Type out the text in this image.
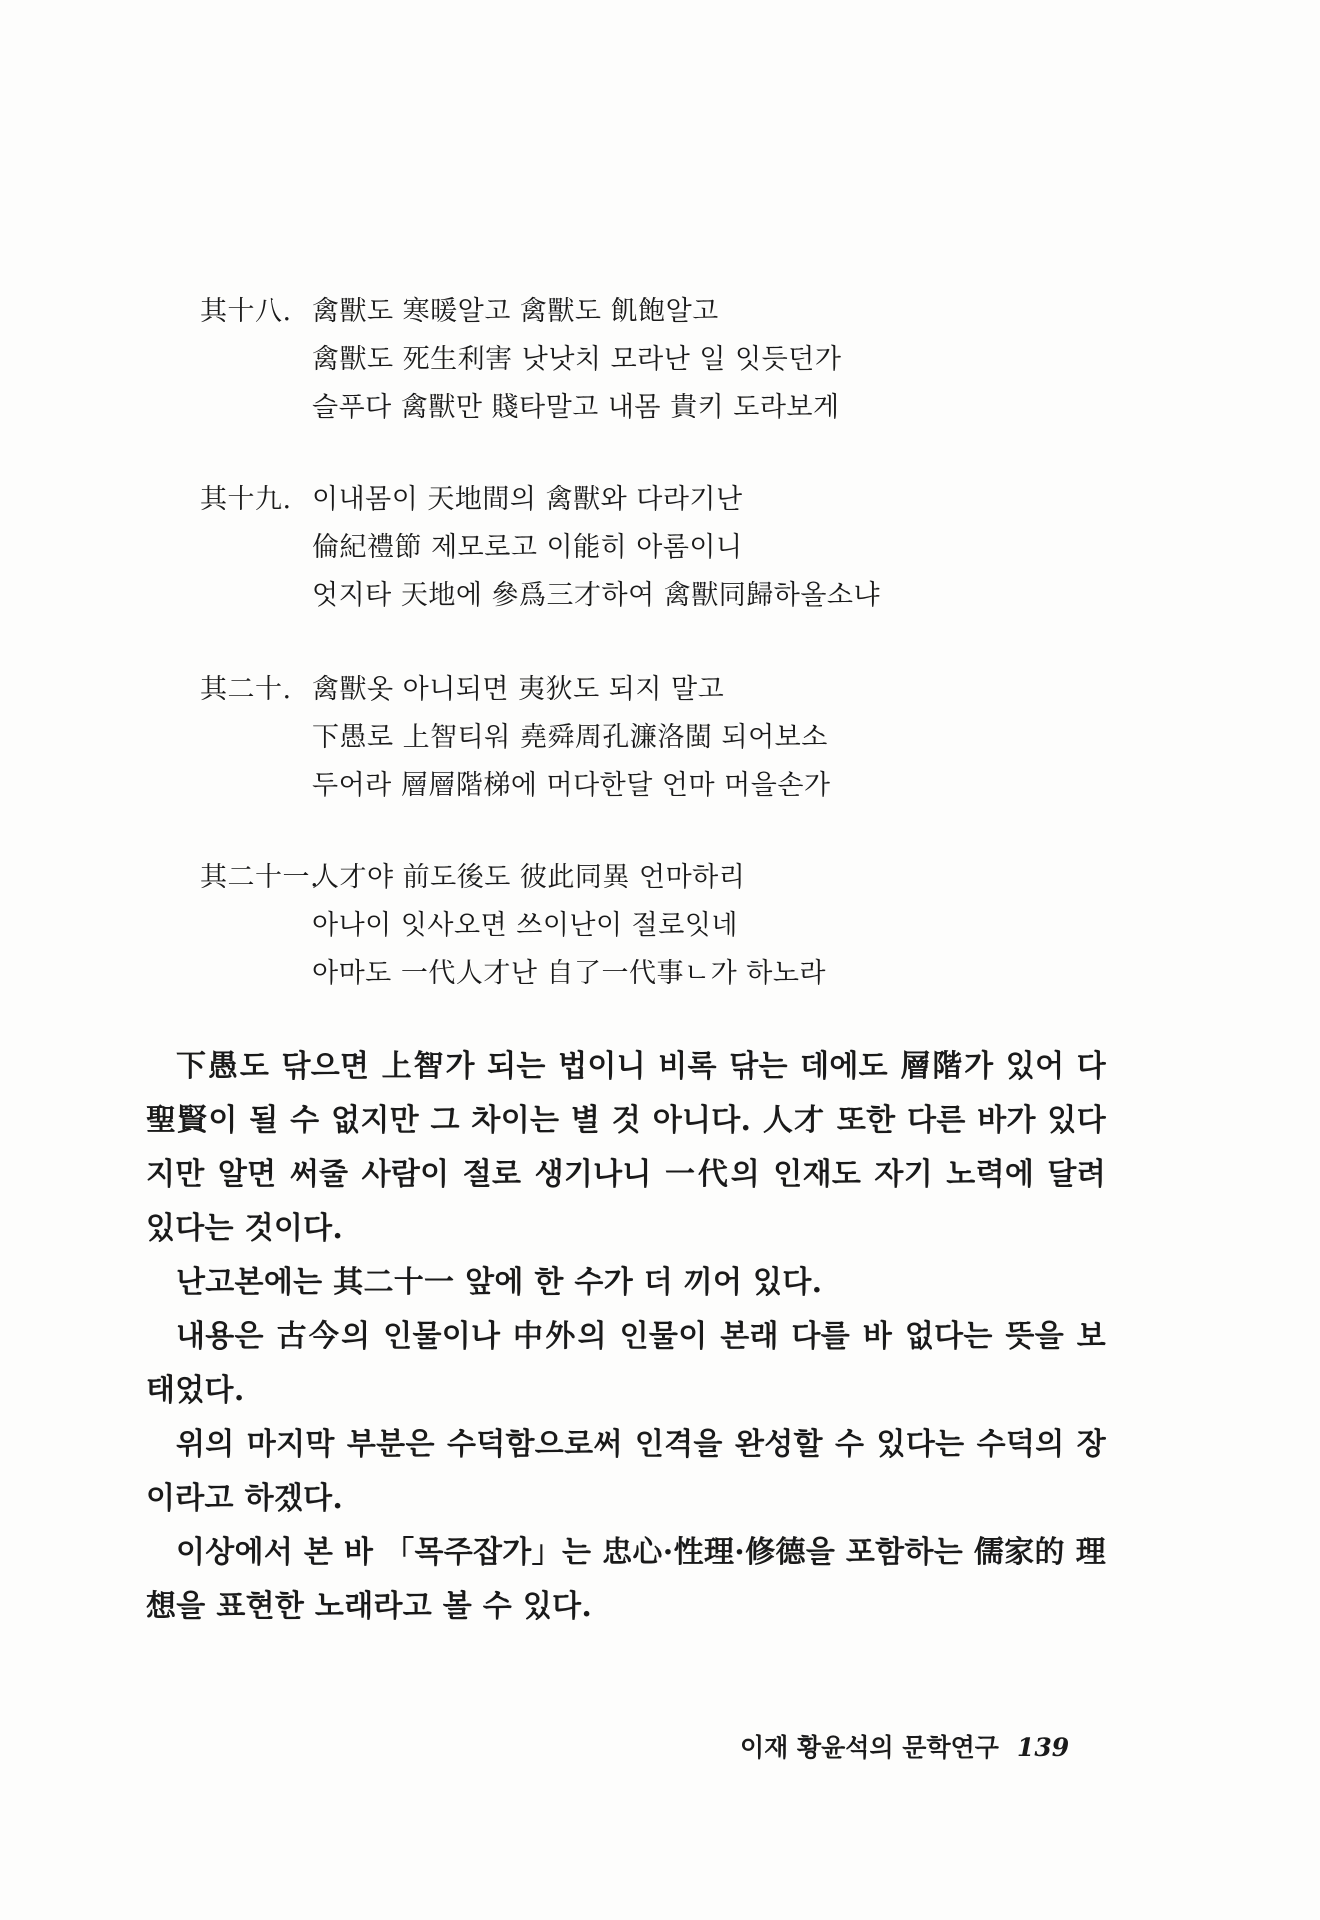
其十八. 禽獸도 寒暖알고 禽獸도 飢飽알고
禽獸도 死生利害 낫낫치 모라난 일 잇듯던가
슬푸다 禽獸만 賤타말고 내몸 貴키 도라보게
其十九. 이내몸이 天地間의 禽獸와 다라기난
倫紀禮節 제모로고 이能히 아롬이니
엇지타 天地에 參爲三才하여 禽獸同歸하올소냐
其二十. 禽獸옷 아니되면 夷狄도 되지 말고
下愚로 上智티워 堯舜周孔濂洛閩 되어보소
두어라 層層階梯에 머다한달 언마 머을손가
其二十一.人才야 前도後도 彼此同異 언마하리
아나이 잇사오면 쓰이난이 절로잇네
아마도 一代人才난 自了一代事ㄴ가 하노라

下愚도 닦으면 上智가 되는 법이니 비록 닦는 데에도 層階가 있어 다 聖賢이 될 수 없지만 그 차이는 별 것 아니다. 人才 또한 다른 바가 있다지만 알면 써줄 사람이 절로 생기나니 一代의 인재도 자기 노력에 달려 있다는 것이다.

난고본에는 其二十一 앞에 한 수가 더 끼어 있다.

내용은 古今의 인물이나 中外의 인물이 본래 다를 바 없다는 뜻을 보태었다.

위의 마지막 부분은 수덕함으로써 인격을 완성할 수 있다는 수덕의 장이라고 하겠다.

이상에서 본 바 「목주잡가」는 忠心·性理·修德을 포함하는 儒家的 理想을 표현한 노래라고 볼 수 있다.

이재 황윤석의 문학연구 139
